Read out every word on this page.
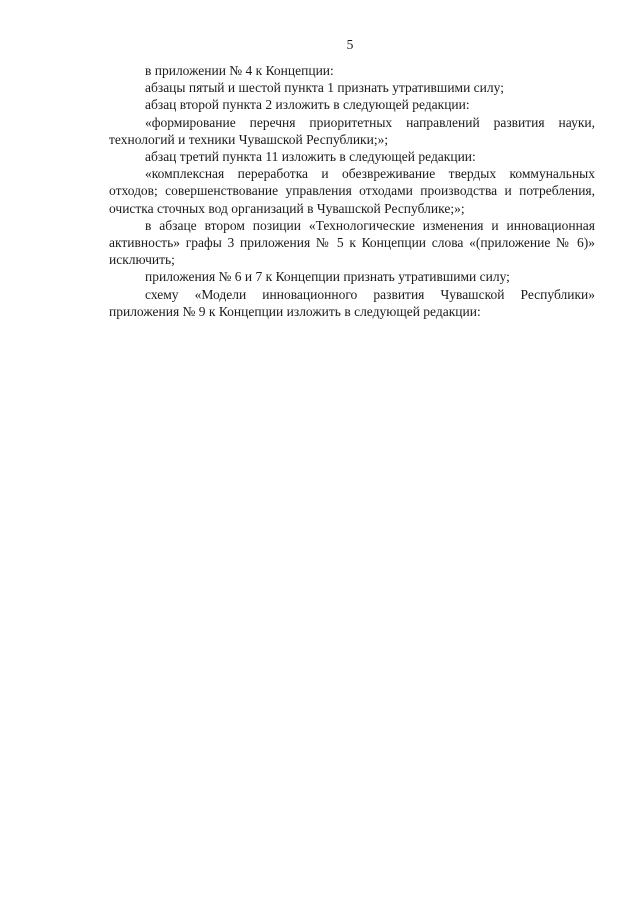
5

в приложении № 4 к Концепции:

абзацы пятый и шестой пункта 1 признать утратившими силу;

абзац второй пункта 2 изложить в следующей редакции:

«формирование перечня приоритетных направлений развития науки, технологий и техники Чувашской Республики;»;

абзац третий пункта 11 изложить в следующей редакции:

«комплексная переработка и обезвреживание твердых коммунальных отходов; совершенствование управления отходами производства и потребления, очистка сточных вод организаций в Чувашской Республике;»;

в абзаце втором позиции «Технологические изменения и инновационная активность» графы 3 приложения № 5 к Концепции слова «(приложение № 6)» исключить;

приложения № 6 и 7 к Концепции признать утратившими силу;

схему «Модели инновационного развития Чувашской Республики» приложения № 9 к Концепции изложить в следующей редакции:
